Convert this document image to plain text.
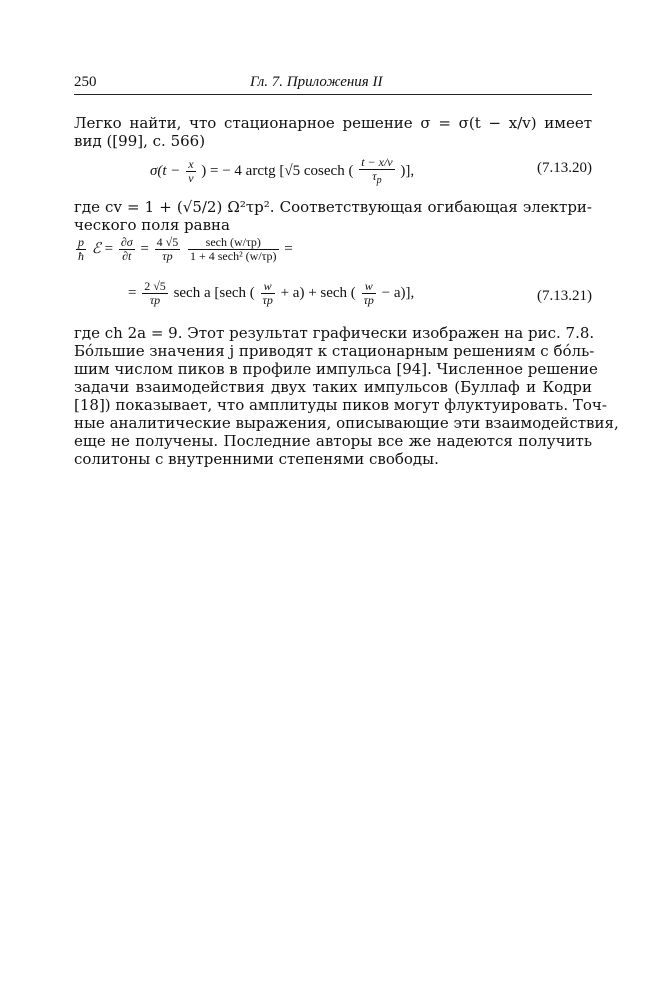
250	Гл. 7. Приложения II
Легко найти, что стационарное решение σ = σ(t − x/v) имеет
вид ([99], с. 566)
$\sigma(t - \frac{x}{v}$ ) = − 4 arctg [√5 cosech ( $\frac{t - x/v}{\tau_p}$ )],	(7.13.20)
где cv = 1 + (√5/2) Ω²τp². Соответствующая огибающая электри-
ческого поля равна
$\frac{p}{ħ}$ ℰ = $\frac{\partial\sigma}{\partial t} = \frac{4 √5}{\tau p}$
$\frac{\sec h (w/\tau p)}{\text{1 + 4 sech² (w/τp)}}$ =
= $\frac{2 √5}{\tau p}$ sech a [sech ( $\frac{w}{\tau p} + a) + \sec h$ ( $\frac{w}{\tau p} - a$)],	(7.13.21)
где ch 2a = 9. Этот результат графически изображен на рис. 7.8.
Бóльшие значения j приводят к стационарным решениям с бóль-
шим числом пиков в профиле импульса [94]. Численное решение
задачи взаимодействия двух таких импульсов (Буллаф и Кодри
[18]) показывает, что амплитуды пиков могут флуктуировать. Точ-
ные аналитические выражения, описывающие эти взаимодействия,
еще не получены. Последние авторы все же надеются получить
солитоны с внутренними степенями свободы.
